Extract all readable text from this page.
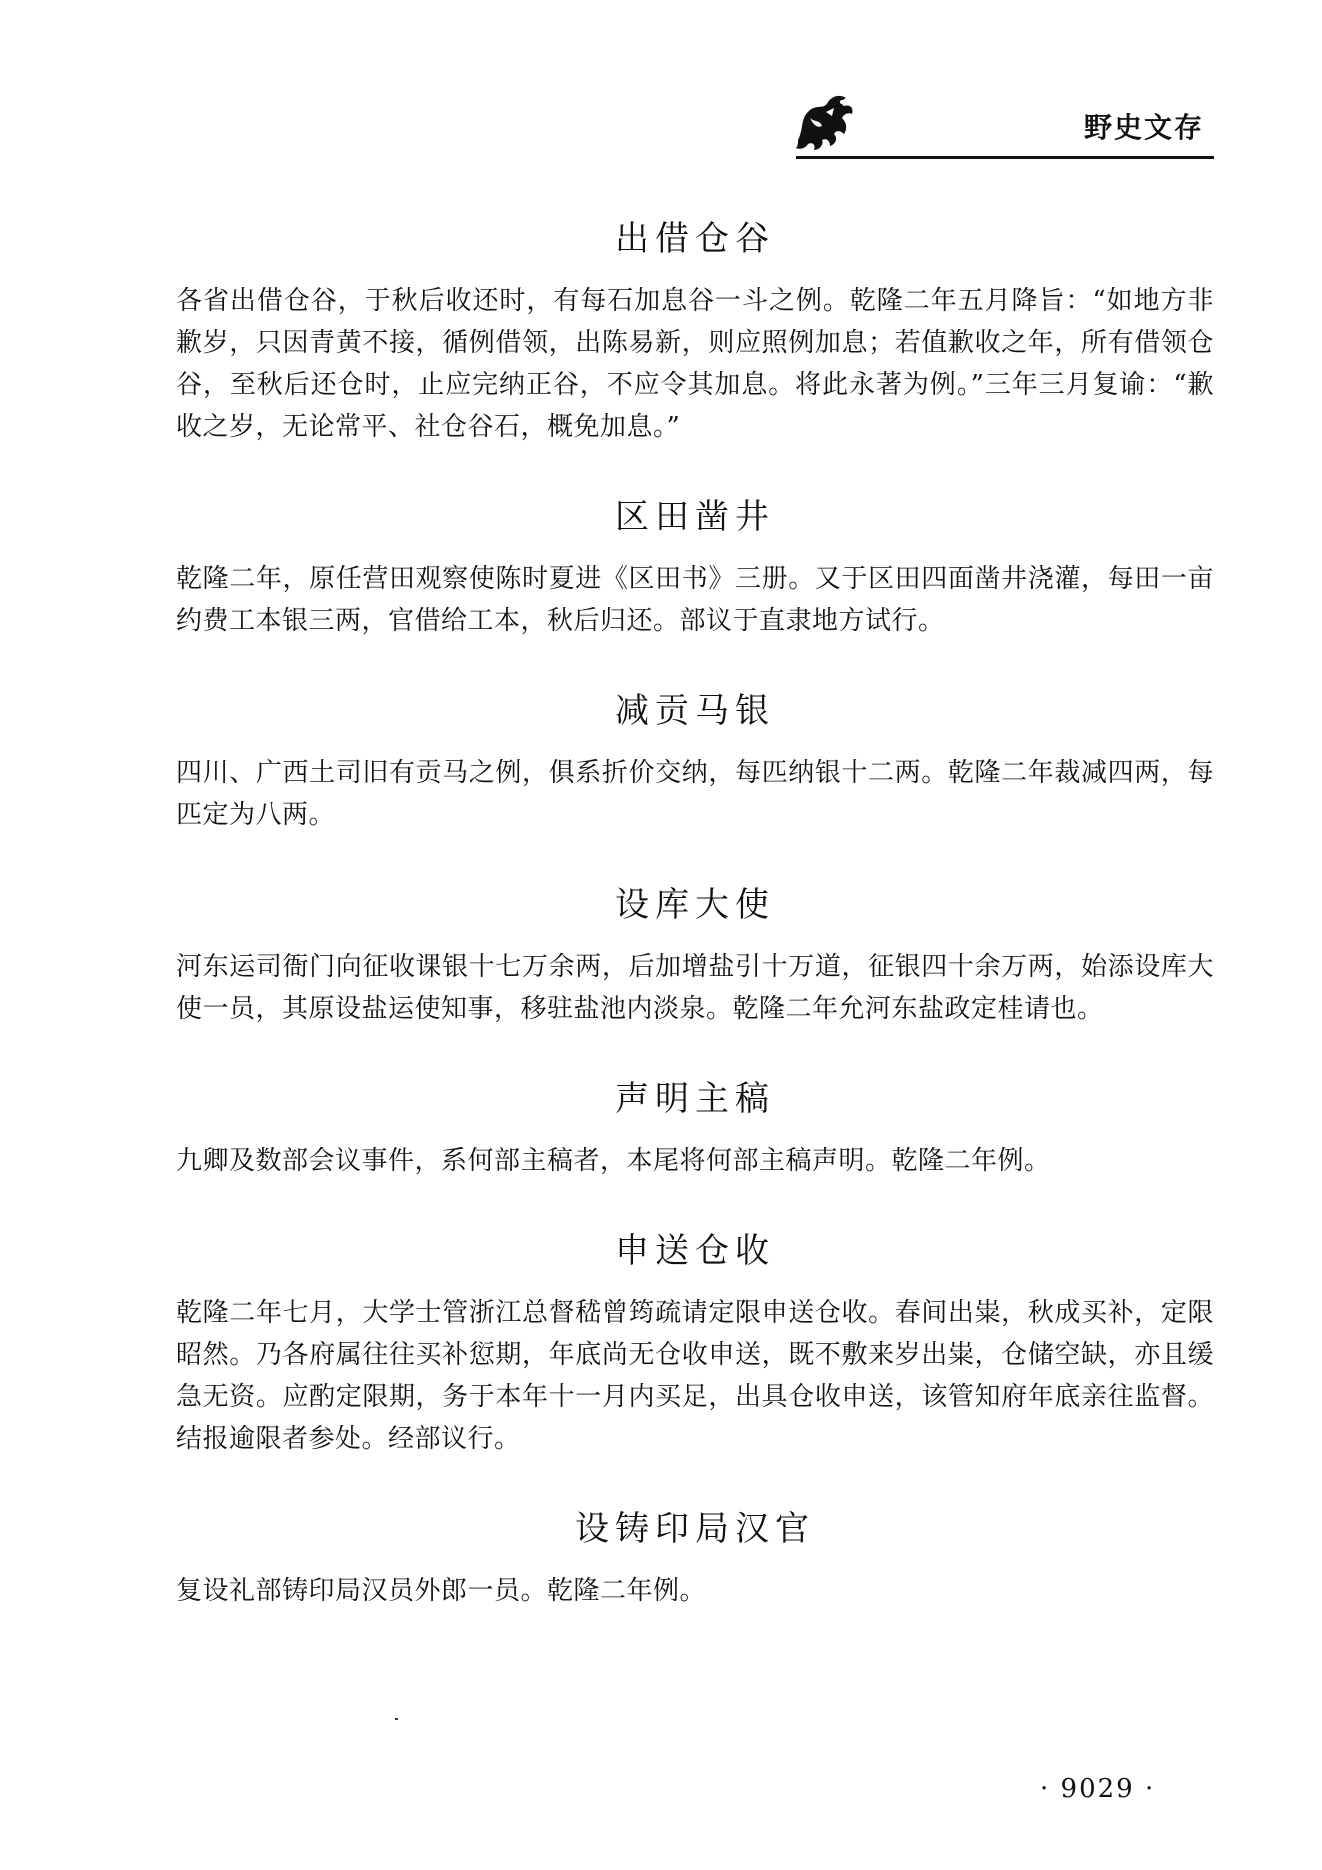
野史文存
出借仓谷

各省出借仓谷，于秋后收还时，有每石加息谷一斗之例。乾隆二年五月降旨：“如地方非歉岁，只因青黄不接，循例借领，出陈易新，则应照例加息；若值歉收之年，所有借领仓谷，至秋后还仓时，止应完纳正谷，不应令其加息。将此永著为例。”三年三月复谕：“歉收之岁，无论常平、社仓谷石，概免加息。”

区田凿井

乾隆二年，原任营田观察使陈时夏进《区田书》三册。又于区田四面凿井浇灌，每田一亩约费工本银三两，官借给工本，秋后归还。部议于直隶地方试行。

减贡马银

四川、广西土司旧有贡马之例，俱系折价交纳，每匹纳银十二两。乾隆二年裁减四两，每匹定为八两。

设库大使

河东运司衙门向征收课银十七万余两，后加增盐引十万道，征银四十余万两，始添设库大使一员，其原设盐运使知事，移驻盐池内淡泉。乾隆二年允河东盐政定桂请也。

声明主稿

九卿及数部会议事件，系何部主稿者，本尾将何部主稿声明。乾隆二年例。

申送仓收

乾隆二年七月，大学士管浙江总督嵇曾筠疏请定限申送仓收。春间出粜，秋成买补，定限昭然。乃各府属往往买补愆期，年底尚无仓收申送，既不敷来岁出粜，仓储空缺，亦且缓急无资。应酌定限期，务于本年十一月内买足，出具仓收申送，该管知府年底亲往监督。结报逾限者参处。经部议行。

设铸印局汉官

复设礼部铸印局汉员外郎一员。乾隆二年例。

· 9029 ·
